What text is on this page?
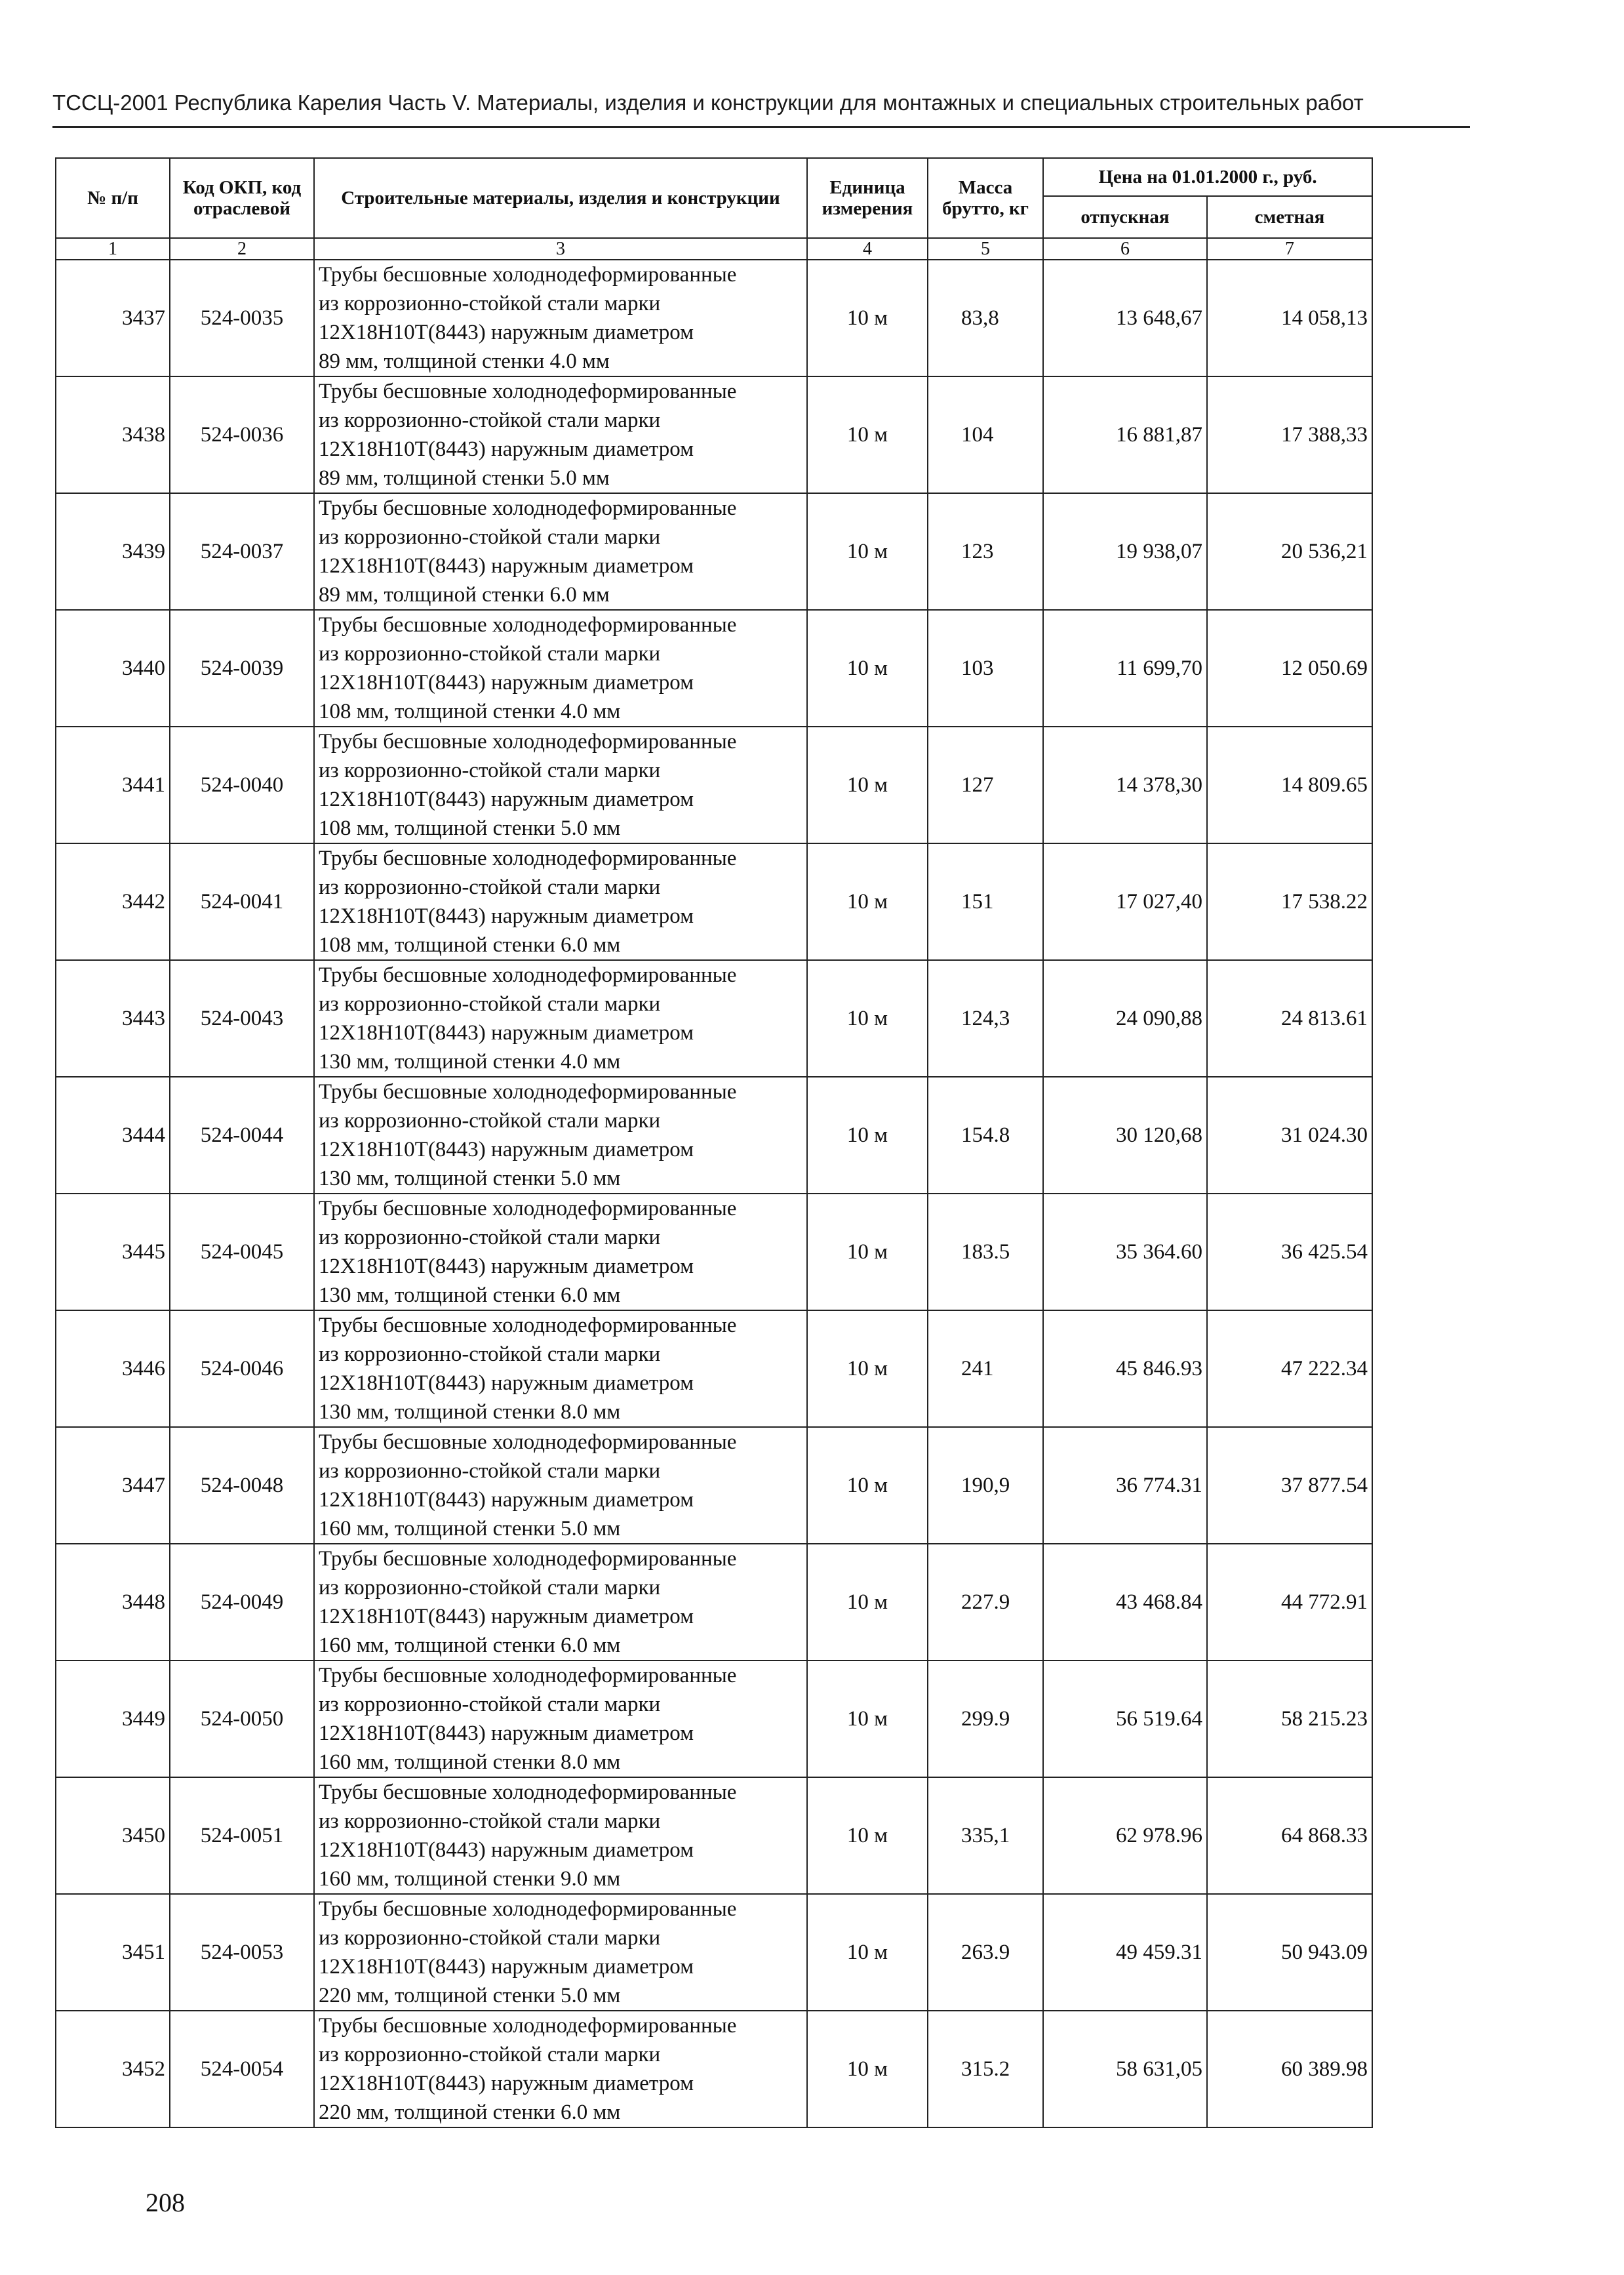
ТССЦ-2001 Республика Карелия Часть V. Материалы, изделия и конструкции для монтажных и специальных строительных работ
№ п/п	Код ОКП, код отраслевой	Строительные материалы, изделия и конструкции	Единица измерения	Масса брутто, кг	Цена на 01.01.2000 г., руб.	
					отпускная	сметная
1	2	3	4	5	6	7
3437	524-0035	Трубы бесшовные холоднодеформированные
из коррозионно-стойкой стали марки
12Х18Н10Т(8443) наружным диаметром
89 мм, толщиной стенки 4.0 мм	10 м	83,8	13 648,67	14 058,13
3438	524-0036	Трубы бесшовные холоднодеформированные
из коррозионно-стойкой стали марки
12Х18Н10Т(8443) наружным диаметром
89 мм, толщиной стенки 5.0 мм	10 м	104	16 881,87	17 388,33
3439	524-0037	Трубы бесшовные холоднодеформированные
из коррозионно-стойкой стали марки
12Х18Н10Т(8443) наружным диаметром
89 мм, толщиной стенки 6.0 мм	10 м	123	19 938,07	20 536,21
3440	524-0039	Трубы бесшовные холоднодеформированные
из коррозионно-стойкой стали марки
12Х18Н10Т(8443) наружным диаметром
108 мм, толщиной стенки 4.0 мм	10 м	103	11 699,70	12 050.69
3441	524-0040	Трубы бесшовные холоднодеформированные
из коррозионно-стойкой стали марки
12Х18Н10Т(8443) наружным диаметром
108 мм, толщиной стенки 5.0 мм	10 м	127	14 378,30	14 809.65
3442	524-0041	Трубы бесшовные холоднодеформированные
из коррозионно-стойкой стали марки
12Х18Н10Т(8443) наружным диаметром
108 мм, толщиной стенки 6.0 мм	10 м	151	17 027,40	17 538.22
3443	524-0043	Трубы бесшовные холоднодеформированные
из коррозионно-стойкой стали марки
12Х18Н10Т(8443) наружным диаметром
130 мм, толщиной стенки 4.0 мм	10 м	124,3	24 090,88	24 813.61
3444	524-0044	Трубы бесшовные холоднодеформированные
из коррозионно-стойкой стали марки
12Х18Н10Т(8443) наружным диаметром
130 мм, толщиной стенки 5.0 мм	10 м	154.8	30 120,68	31 024.30
3445	524-0045	Трубы бесшовные холоднодеформированные
из коррозионно-стойкой стали марки
12Х18Н10Т(8443) наружным диаметром
130 мм, толщиной стенки 6.0 мм	10 м	183.5	35 364.60	36 425.54
3446	524-0046	Трубы бесшовные холоднодеформированные
из коррозионно-стойкой стали марки
12Х18Н10Т(8443) наружным диаметром
130 мм, толщиной стенки 8.0 мм	10 м	241	45 846.93	47 222.34
3447	524-0048	Трубы бесшовные холоднодеформированные
из коррозионно-стойкой стали марки
12Х18Н10Т(8443) наружным диаметром
160 мм, толщиной стенки 5.0 мм	10 м	190,9	36 774.31	37 877.54
3448	524-0049	Трубы бесшовные холоднодеформированные
из коррозионно-стойкой стали марки
12Х18Н10Т(8443) наружным диаметром
160 мм, толщиной стенки 6.0 мм	10 м	227.9	43 468.84	44 772.91
3449	524-0050	Трубы бесшовные холоднодеформированные
из коррозионно-стойкой стали марки
12Х18Н10Т(8443) наружным диаметром
160 мм, толщиной стенки 8.0 мм	10 м	299.9	56 519.64	58 215.23
3450	524-0051	Трубы бесшовные холоднодеформированные
из коррозионно-стойкой стали марки
12Х18Н10Т(8443) наружным диаметром
160 мм, толщиной стенки 9.0 мм	10 м	335,1	62 978.96	64 868.33
3451	524-0053	Трубы бесшовные холоднодеформированные
из коррозионно-стойкой стали марки
12Х18Н10Т(8443) наружным диаметром
220 мм, толщиной стенки 5.0 мм	10 м	263.9	49 459.31	50 943.09
3452	524-0054	Трубы бесшовные холоднодеформированные
из коррозионно-стойкой стали марки
12Х18Н10Т(8443) наружным диаметром
220 мм, толщиной стенки 6.0 мм	10 м	315.2	58 631,05	60 389.98
208
